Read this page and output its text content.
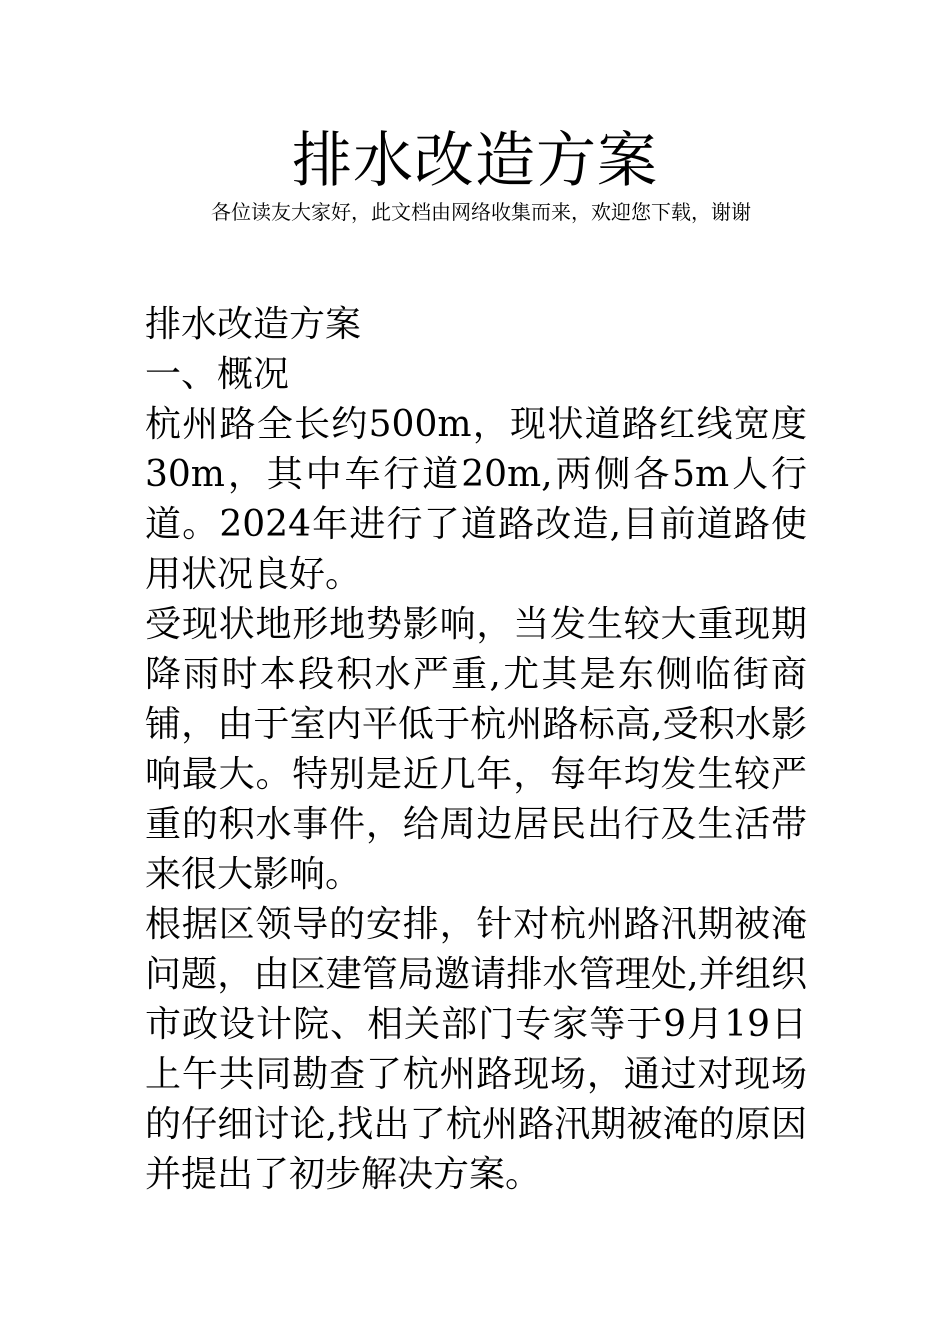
排水改造方案

各位读友大家好，此文档由网络收集而来，欢迎您下载，谢谢

排水改造方案

一、概况

杭州路全长约500m，现状道路红线宽度30m，其中车行道20m,两侧各5m人行道。2024年进行了道路改造,目前道路使用状况良好。

受现状地形地势影响，当发生较大重现期降雨时本段积水严重,尤其是东侧临街商铺，由于室内平低于杭州路标高,受积水影响最大。特别是近几年，每年均发生较严重的积水事件，给周边居民出行及生活带来很大影响。

根据区领导的安排，针对杭州路汛期被淹问题，由区建管局邀请排水管理处,并组织市政设计院、相关部门专家等于9月19日上午共同勘查了杭州路现场，通过对现场的仔细讨论,找出了杭州路汛期被淹的原因并提出了初步解决方案。
